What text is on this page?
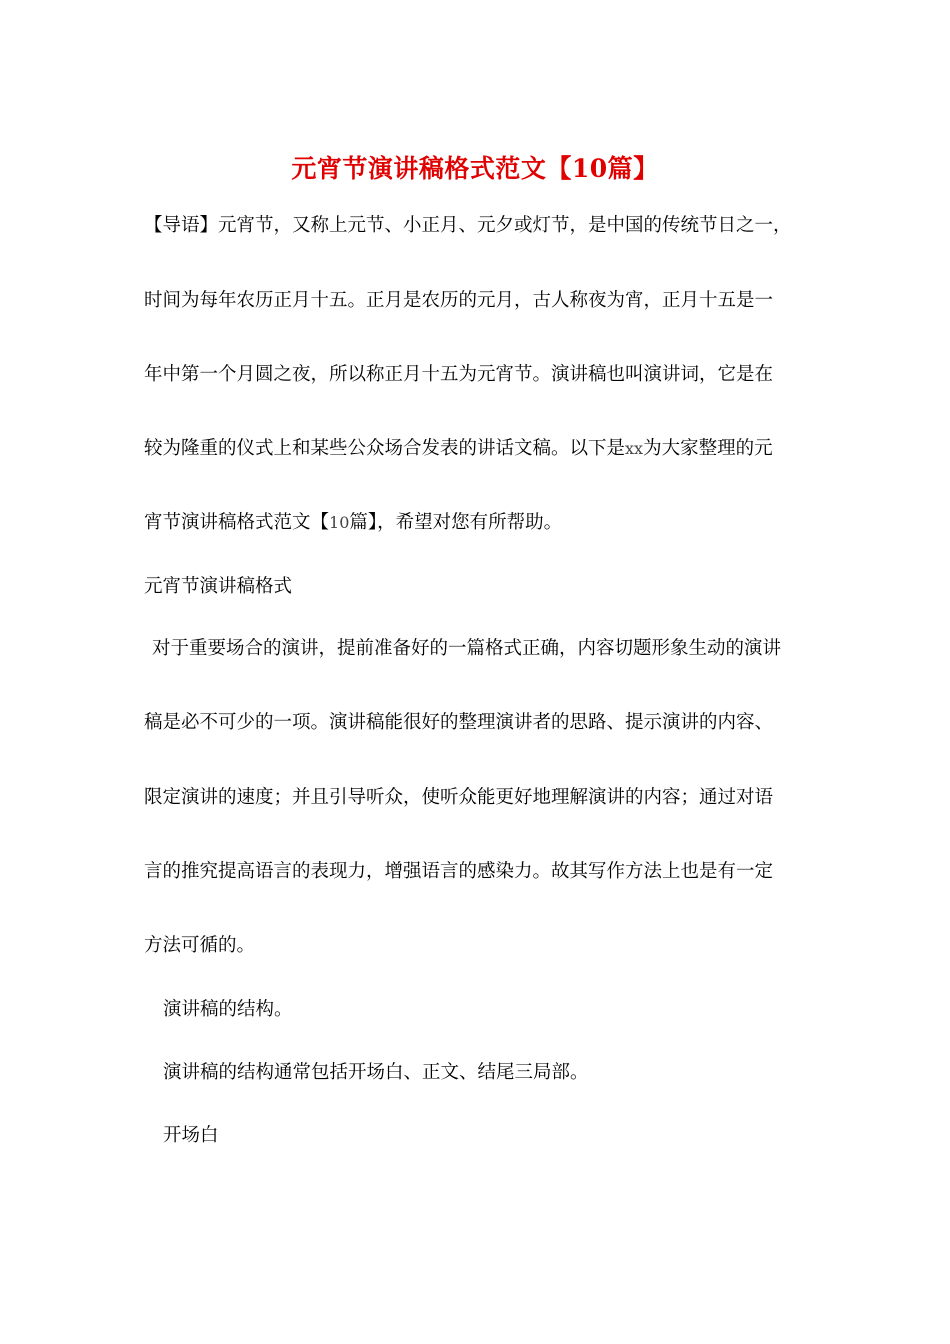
元宵节演讲稿格式范文【10篇】
【导语】元宵节，又称上元节、小正月、元夕或灯节，是中国的传统节日之一，
时间为每年农历正月十五。正月是农历的元月，古人称夜为宵，正月十五是一
年中第一个月圆之夜，所以称正月十五为元宵节。演讲稿也叫演讲词，它是在
较为隆重的仪式上和某些公众场合发表的讲话文稿。以下是xx为大家整理的元
宵节演讲稿格式范文【10篇】，希望对您有所帮助。
元宵节演讲稿格式
对于重要场合的演讲，提前准备好的一篇格式正确，内容切题形象生动的演讲
稿是必不可少的一项。演讲稿能很好的整理演讲者的思路、提示演讲的内容、
限定演讲的速度；并且引导听众，使听众能更好地理解演讲的内容；通过对语
言的推究提高语言的表现力，增强语言的感染力。故其写作方法上也是有一定
方法可循的。
演讲稿的结构。
演讲稿的结构通常包括开场白、正文、结尾三局部。
开场白
